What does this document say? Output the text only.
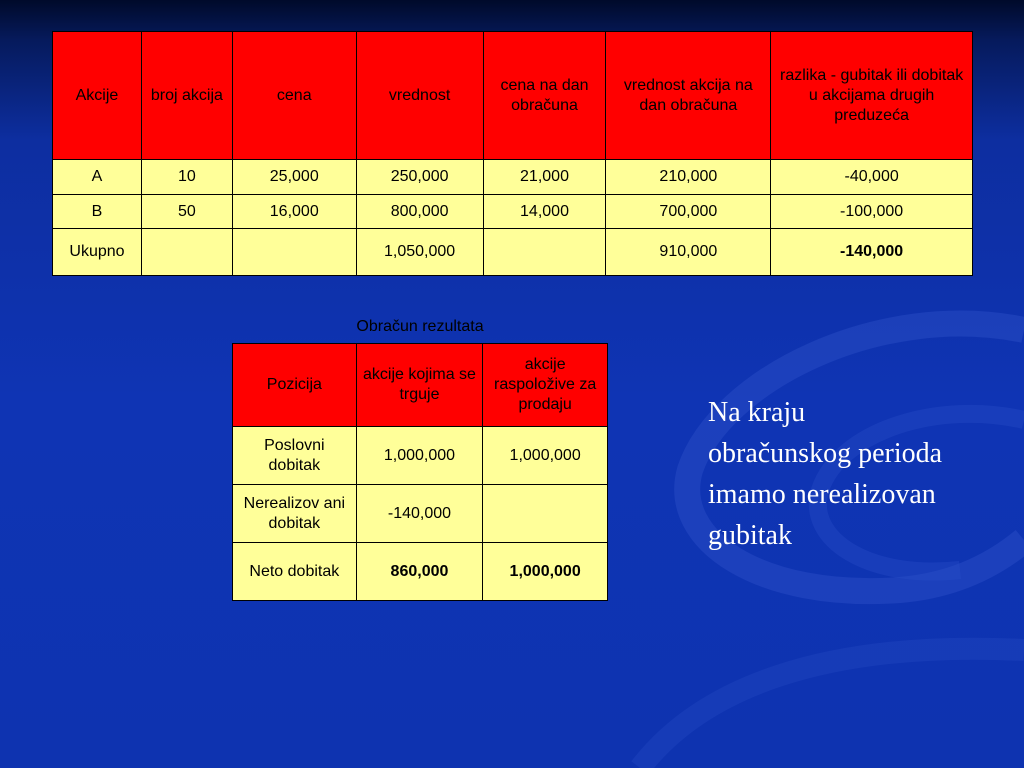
Akcije	broj akcija	cena	vrednost	cena na dan obračuna	vrednost akcija na dan obračuna	razlika - gubitak ili dobitak u akcijama drugih preduzeća
A	10	25,000	250,000	21,000	210,000	-40,000
B	50	16,000	800,000	14,000	700,000	-100,000
Ukupno			1,050,000		910,000	-140,000
Obračun rezultata
Pozicija	akcije kojima se trguje	akcije raspoložive za prodaju
Poslovni dobitak	1,000,000	1,000,000
Nerealizov ani dobitak	-140,000	
Neto dobitak	860,000	1,000,000
Na kraju obračunskog perioda imamo nerealizovan gubitak
